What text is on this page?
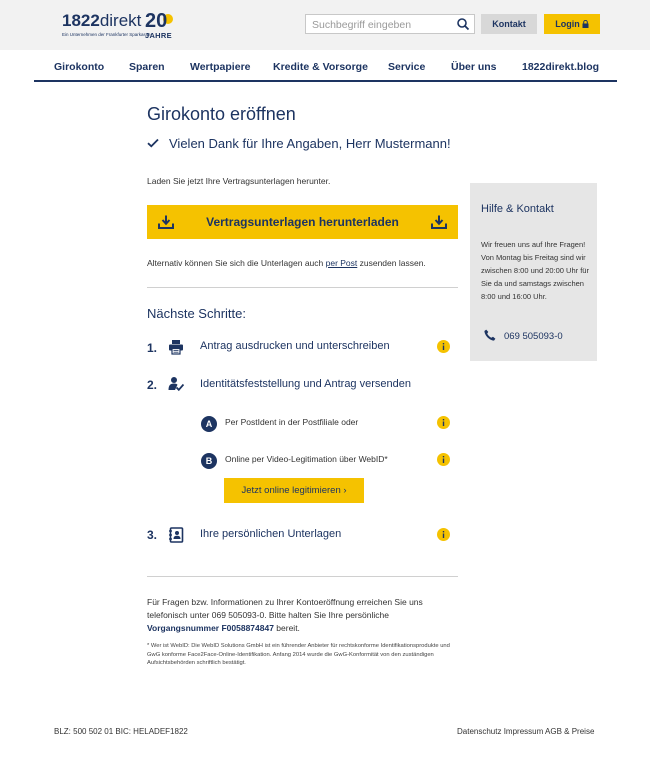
1822direkt
Ein Unternehmen der Frankfurter Sparkasse
20
JAHRE
Suchbegriff eingeben
Kontakt	Login
Girokonto Sparen Wertpapiere Kredite & Vorsorge Service Über uns 1822direkt.blog
Girokonto eröffnen
Vielen Dank für Ihre Angaben, Herr Mustermann!
Laden Sie jetzt Ihre Vertragsunterlagen herunter.
Vertragsunterlagen herunterladen
Alternativ können Sie sich die Unterlagen auch per Post zusenden lassen.
Nächste Schritte:
1.	Antrag ausdrucken und unterschreiben
2.	Identitätsfeststellung und Antrag versenden
A	Per PostIdent in der Postfiliale oder
B	Online per Video-Legitimation über WebID*
Jetzt online legitimieren ›
3.	Ihre persönlichen Unterlagen
Für Fragen bzw. Informationen zu Ihrer Kontoeröffnung erreichen Sie uns telefonisch unter 069 505093-0. Bitte halten Sie Ihre persönliche
Vorgangsnummer F0058874847 bereit.
* Wer ist WebID: Die WebID Solutions GmbH ist ein führender Anbieter für rechtskonforme Identifikationsprodukte und GwG konforme Face2Face-Online-Identifikation. Anfang 2014 wurde die GwG-Konformität von den zuständigen Aufsichtsbehörden schriftlich bestätigt.
Hilfe & Kontakt
Wir freuen uns auf Ihre Fragen! Von Montag bis Freitag sind wir zwischen 8:00 und 20:00 Uhr für Sie da und samstags zwischen 8:00 und 16:00 Uhr.
069 505093-0
BLZ: 500 502 01 BIC: HELADEF1822	Datenschutz Impressum AGB & Preise
